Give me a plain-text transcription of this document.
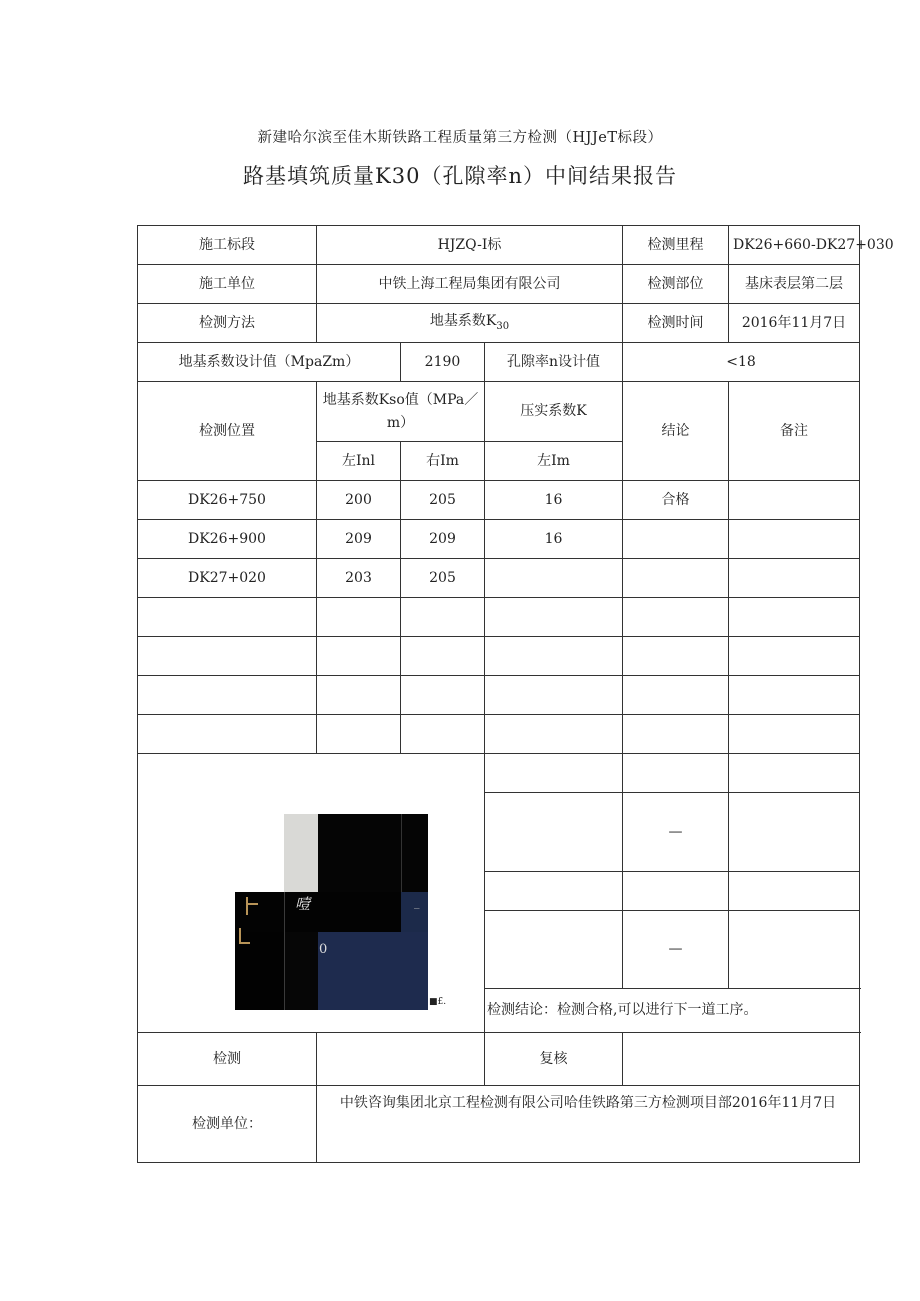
新建哈尔滨至佳木斯铁路工程质量第三方检测（HJJeT标段）
路基填筑质量K30（孔隙率n）中间结果报告
施工标段	HJZQ-I标			检测里程	DK26+660-DK27+030
施工单位	中铁上海工程局集团有限公司			检测部位	基床表层第二层
检测方法	地基系数$K_{30}$			检测时间	2016年11月7日
地基系数设计值（MpaZm）		2190	孔隙率n设计值	<18	
检测位置	地基系数Kso值（MPa／m）		压实系数K	结论	备注
	左Inl	右Im	左Im		
DK26+750	200	205	16	合格	
DK26+900	209	209	16		
DK27+020	203	205			

噎
0
_
■£.					

				—	

				—	
			检测结论：检测合格,可以进行下一道工序。		
检测			复核		
检测单位：	中铁咨询集团北京工程检测有限公司哈佳铁路第三方检测项目部2016年11月7日				
